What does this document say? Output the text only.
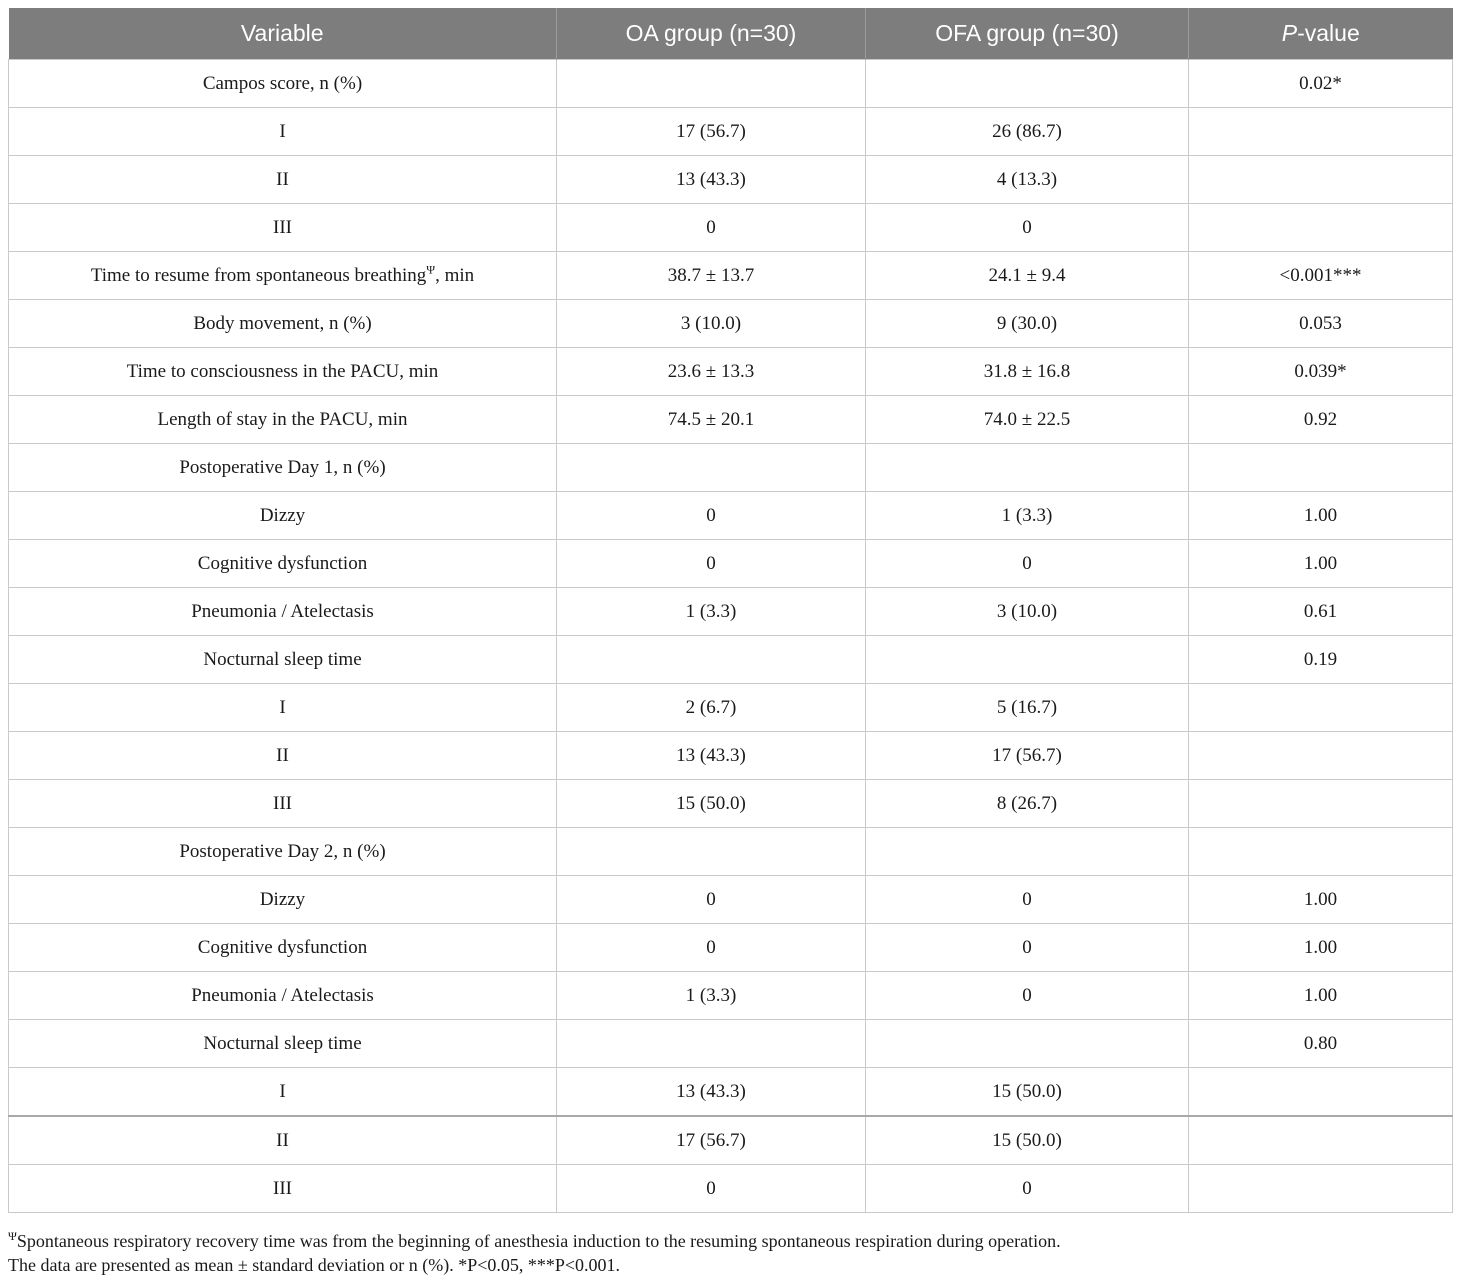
Variable	OA group (n=30)	OFA group (n=30)	P-value
Campos score, n (%)			0.02*
I	17 (56.7)	26 (86.7)	
II	13 (43.3)	4 (13.3)	
III	0	0	
Time to resume from spontaneous breathing$^\Psi$, min	38.7 ± 13.7	24.1 ± 9.4	<0.001***
Body movement, n (%)	3 (10.0)	9 (30.0)	0.053
Time to consciousness in the PACU, min	23.6 ± 13.3	31.8 ± 16.8	0.039*
Length of stay in the PACU, min	74.5 ± 20.1	74.0 ± 22.5	0.92
Postoperative Day 1, n (%)			
Dizzy	0	1 (3.3)	1.00
Cognitive dysfunction	0	0	1.00
Pneumonia / Atelectasis	1 (3.3)	3 (10.0)	0.61
Nocturnal sleep time			0.19
I	2 (6.7)	5 (16.7)	
II	13 (43.3)	17 (56.7)	
III	15 (50.0)	8 (26.7)	
Postoperative Day 2, n (%)			
Dizzy	0	0	1.00
Cognitive dysfunction	0	0	1.00
Pneumonia / Atelectasis	1 (3.3)	0	1.00
Nocturnal sleep time			0.80
I	13 (43.3)	15 (50.0)	
II	17 (56.7)	15 (50.0)	
III	0	0	

$^\Psi$Spontaneous respiratory recovery time was from the beginning of anesthesia induction to the resuming spontaneous respiration during operation.

The data are presented as mean ± standard deviation or n (%). *P<0.05, ***P<0.001.
